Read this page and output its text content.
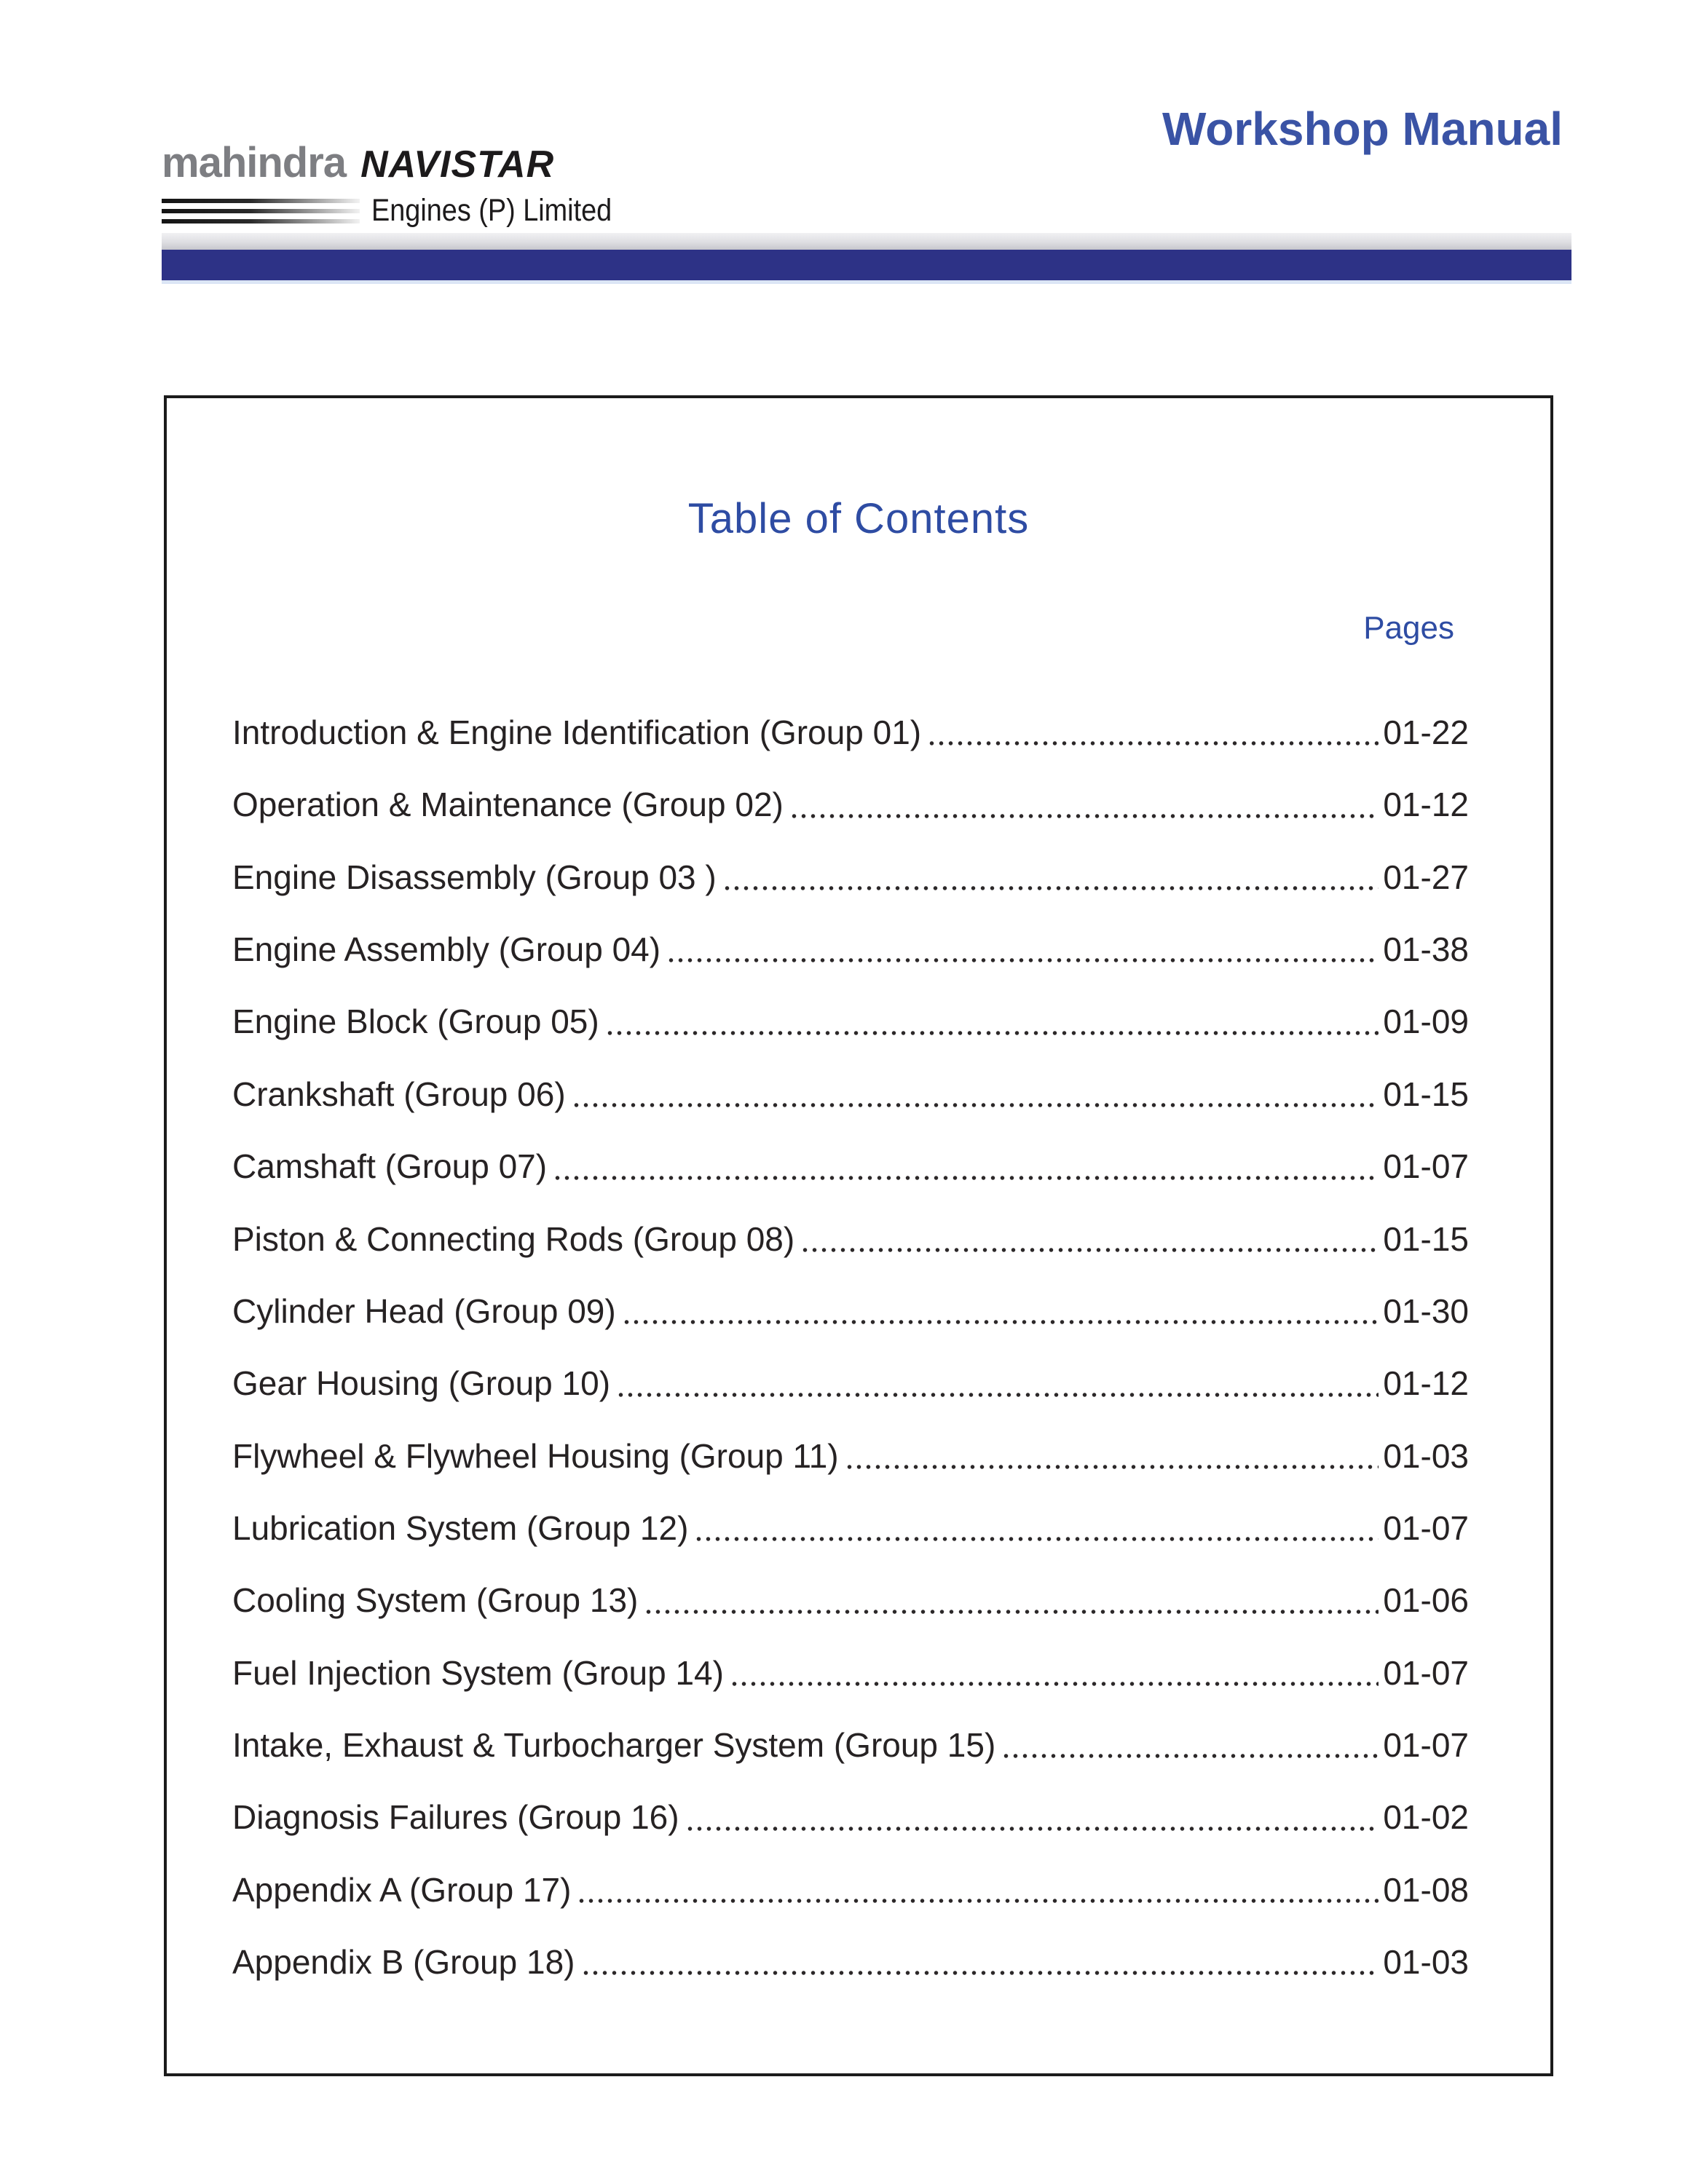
mahindra NAVISTAR
Engines (P) Limited
Workshop Manual
Table of Contents
Pages
Introduction & Engine Identification (Group 01)	01-22
Operation & Maintenance (Group 02)	01-12
Engine Disassembly (Group 03 )	01-27
Engine Assembly (Group 04)	01-38
Engine Block (Group 05)	01-09
Crankshaft (Group 06)	01-15
Camshaft (Group 07)	01-07
Piston & Connecting Rods (Group 08)	01-15
Cylinder Head (Group 09)	01-30
Gear Housing (Group 10)	01-12
Flywheel & Flywheel Housing (Group 11)	01-03
Lubrication System (Group 12)	01-07
Cooling System (Group 13)	01-06
Fuel Injection System (Group 14)	01-07
Intake, Exhaust & Turbocharger System (Group 15)	01-07
Diagnosis Failures (Group 16)	01-02
Appendix A (Group 17)	01-08
Appendix B (Group 18)	01-03
